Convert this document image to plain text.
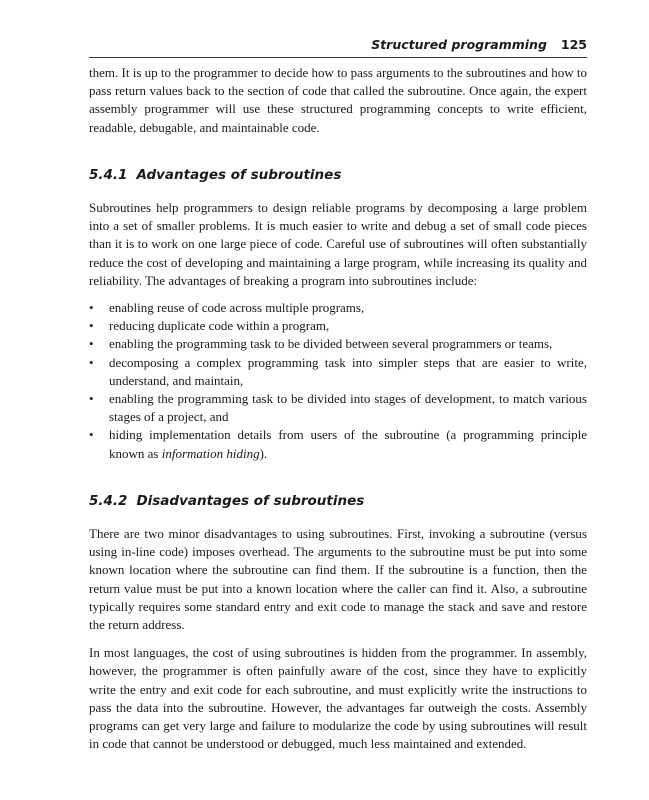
Structured programming 125

them. It is up to the programmer to decide how to pass arguments to the subroutines and how to pass return values back to the section of code that called the subroutine. Once again, the expert assembly programmer will use these structured programming concepts to write efficient, readable, debugable, and maintainable code.

5.4.1 Advantages of subroutines

Subroutines help programmers to design reliable programs by decomposing a large problem into a set of smaller problems. It is much easier to write and debug a set of small code pieces than it is to work on one large piece of code. Careful use of subroutines will often substantially reduce the cost of developing and maintaining a large program, while increasing its quality and reliability. The advantages of breaking a program into subroutines include:

• enabling reuse of code across multiple programs,
• reducing duplicate code within a program,
• enabling the programming task to be divided between several programmers or teams,
• decomposing a complex programming task into simpler steps that are easier to write, understand, and maintain,
• enabling the programming task to be divided into stages of development, to match various stages of a project, and
• hiding implementation details from users of the subroutine (a programming principle known as information hiding).
5.4.2 Disadvantages of subroutines

There are two minor disadvantages to using subroutines. First, invoking a subroutine (versus using in-line code) imposes overhead. The arguments to the subroutine must be put into some known location where the subroutine can find them. If the subroutine is a function, then the return value must be put into a known location where the caller can find it. Also, a subroutine typically requires some standard entry and exit code to manage the stack and save and restore the return address.

In most languages, the cost of using subroutines is hidden from the programmer. In assembly, however, the programmer is often painfully aware of the cost, since they have to explicitly write the entry and exit code for each subroutine, and must explicitly write the instructions to pass the data into the subroutine. However, the advantages far outweigh the costs. Assembly programs can get very large and failure to modularize the code by using subroutines will result in code that cannot be understood or debugged, much less maintained and extended.
